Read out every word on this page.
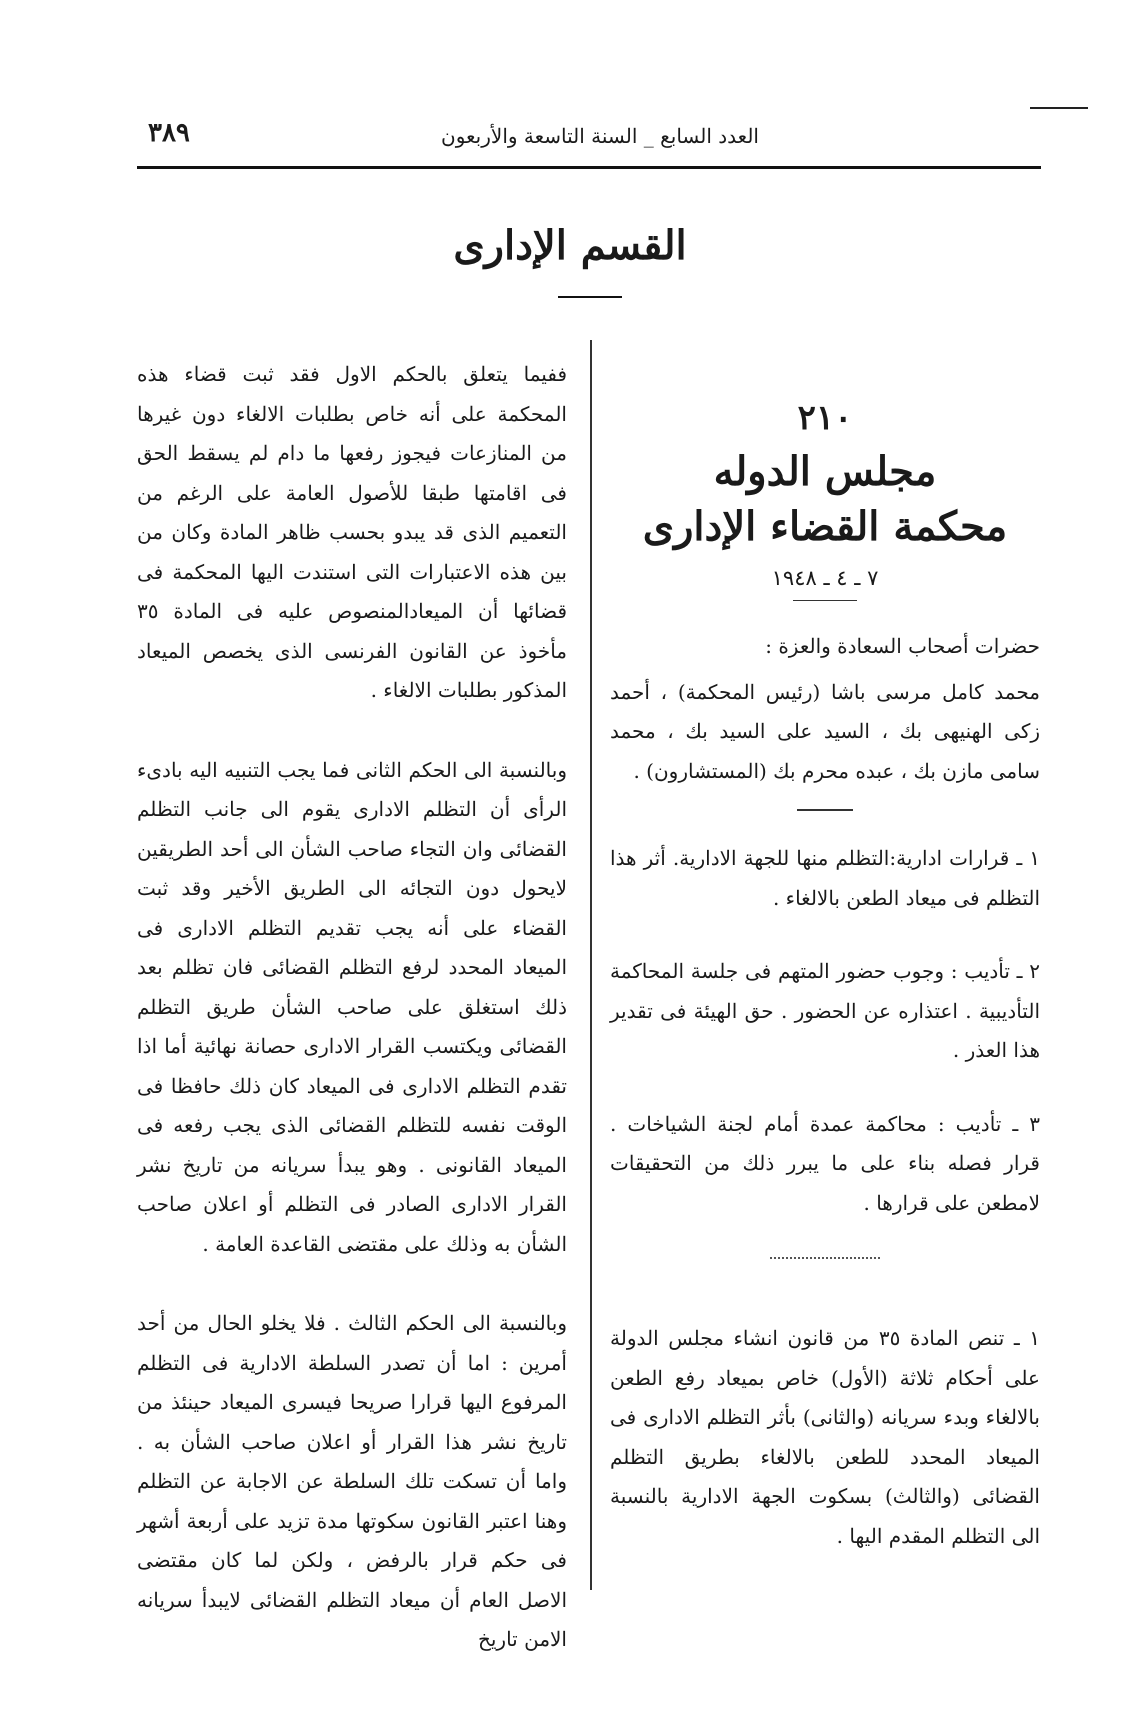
العدد السابع _ السنة التاسعة والأربعون
٣٨٩
القسم الإدارى
٢١٠
مجلس الدوله
محكمة القضاء الإدارى
٧ ـ ٤ ـ ١٩٤٨

حضرات أصحاب السعادة والعزة :

محمد كامل مرسى باشا (رئيس المحكمة) ، أحمد زكى الهنيهى بك ، السيد على السيد بك ، محمد سامى مازن بك ، عبده محرم بك (المستشارون) .

١ ـ قرارات ادارية:التظلم منها للجهة الادارية. أثر هذا التظلم فى ميعاد الطعن بالالغاء .

٢ ـ تأديب : وجوب حضور المتهم فى جلسة المحاكمة التأديبية . اعتذاره عن الحضور . حق الهيئة فى تقدير هذا العذر .

٣ ـ تأديب : محاكمة عمدة أمام لجنة الشياخات . قرار فصله بناء على ما يبرر ذلك من التحقيقات لامطعن على قرارها .

١ ـ تنص المادة ٣٥ من قانون انشاء مجلس الدولة على أحكام ثلاثة (الأول) خاص بميعاد رفع الطعن بالالغاء وبدء سريانه (والثانى) بأثر التظلم الادارى فى الميعاد المحدد للطعن بالالغاء بطريق التظلم القضائى (والثالث) بسكوت الجهة الادارية بالنسبة الى التظلم المقدم اليها .

ففيما يتعلق بالحكم الاول فقد ثبت قضاء هذه المحكمة على أنه خاص بطلبات الالغاء دون غيرها من المنازعات فيجوز رفعها ما دام لم يسقط الحق فى اقامتها طبقا للأصول العامة على الرغم من التعميم الذى قد يبدو بحسب ظاهر المادة وكان من بين هذه الاعتبارات التى استندت اليها المحكمة فى قضائها أن الميعادالمنصوص عليه فى المادة ٣٥ مأخوذ عن القانون الفرنسى الذى يخصص الميعاد المذكور بطلبات الالغاء .

وبالنسبة الى الحكم الثانى فما يجب التنبيه اليه بادىء الرأى أن التظلم الادارى يقوم الى جانب التظلم القضائى وان التجاء صاحب الشأن الى أحد الطريقين لايحول دون التجائه الى الطريق الأخير وقد ثبت القضاء على أنه يجب تقديم التظلم الادارى فى الميعاد المحدد لرفع التظلم القضائى فان تظلم بعد ذلك استغلق على صاحب الشأن طريق التظلم القضائى ويكتسب القرار الادارى حصانة نهائية أما اذا تقدم التظلم الادارى فى الميعاد كان ذلك حافظا فى الوقت نفسه للتظلم القضائى الذى يجب رفعه فى الميعاد القانونى . وهو يبدأ سريانه من تاريخ نشر القرار الادارى الصادر فى التظلم أو اعلان صاحب الشأن به وذلك على مقتضى القاعدة العامة .

وبالنسبة الى الحكم الثالث . فلا يخلو الحال من أحد أمرين : اما أن تصدر السلطة الادارية فى التظلم المرفوع اليها قرارا صريحا فيسرى الميعاد حينئذ من تاريخ نشر هذا القرار أو اعلان صاحب الشأن به . واما أن تسكت تلك السلطة عن الاجابة عن التظلم وهنا اعتبر القانون سكوتها مدة تزيد على أربعة أشهر فى حكم قرار بالرفض ، ولكن لما كان مقتضى الاصل العام أن ميعاد التظلم القضائى لايبدأ سريانه الامن تاريخ
